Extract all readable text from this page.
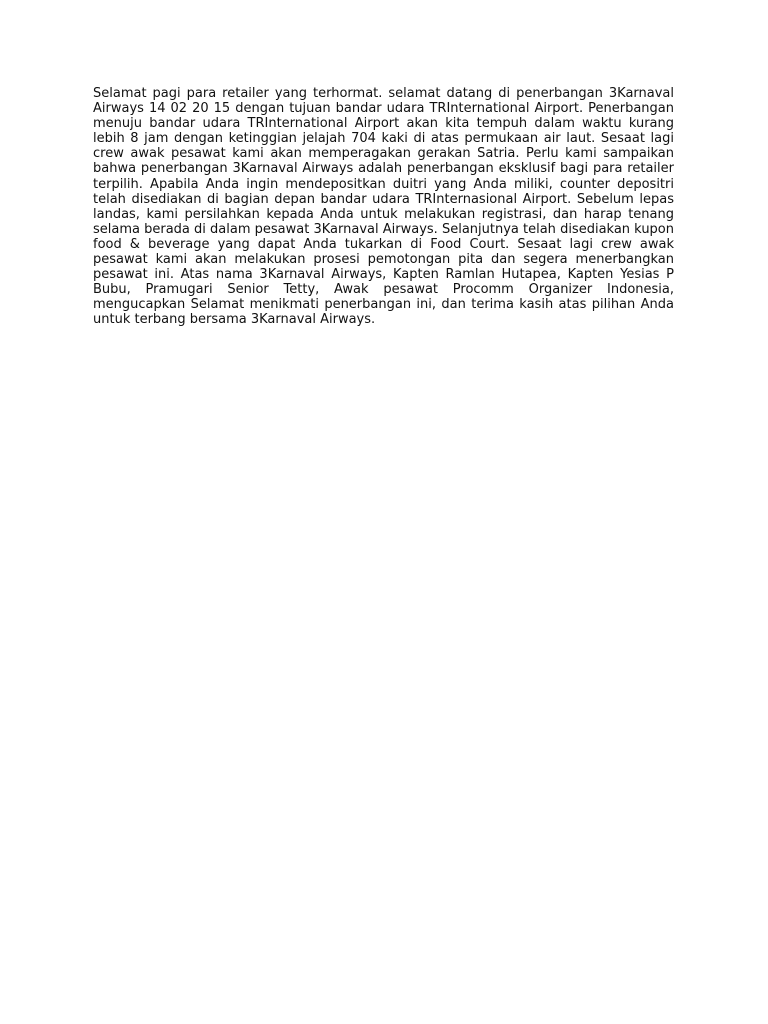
Selamat pagi para retailer yang terhormat. selamat datang di penerbangan 3Karnaval Airways 14 02 20 15 dengan tujuan bandar udara TRInternational Airport. Penerbangan menuju bandar udara TRInternational Airport akan kita tempuh dalam waktu kurang lebih 8 jam dengan ketinggian jelajah 704 kaki di atas permukaan air laut. Sesaat lagi crew awak pesawat kami akan memperagakan gerakan Satria. Perlu kami sampaikan bahwa penerbangan 3Karnaval Airways adalah penerbangan eksklusif bagi para retailer terpilih. Apabila Anda ingin mendepositkan duitri yang Anda miliki, counter depositri telah disediakan di bagian depan bandar udara TRInternasional Airport. Sebelum lepas landas, kami persilahkan kepada Anda untuk melakukan registrasi, dan harap tenang selama berada di dalam pesawat 3Karnaval Airways. Selanjutnya telah disediakan kupon food & beverage yang dapat Anda tukarkan di Food Court. Sesaat lagi crew awak pesawat kami akan melakukan prosesi pemotongan pita dan segera menerbangkan pesawat ini. Atas nama 3Karnaval Airways, Kapten Ramlan Hutapea, Kapten Yesias P Bubu, Pramugari Senior Tetty, Awak pesawat Procomm Organizer Indonesia, mengucapkan Selamat menikmati penerbangan ini, dan terima kasih atas pilihan Anda untuk terbang bersama 3Karnaval Airways.
